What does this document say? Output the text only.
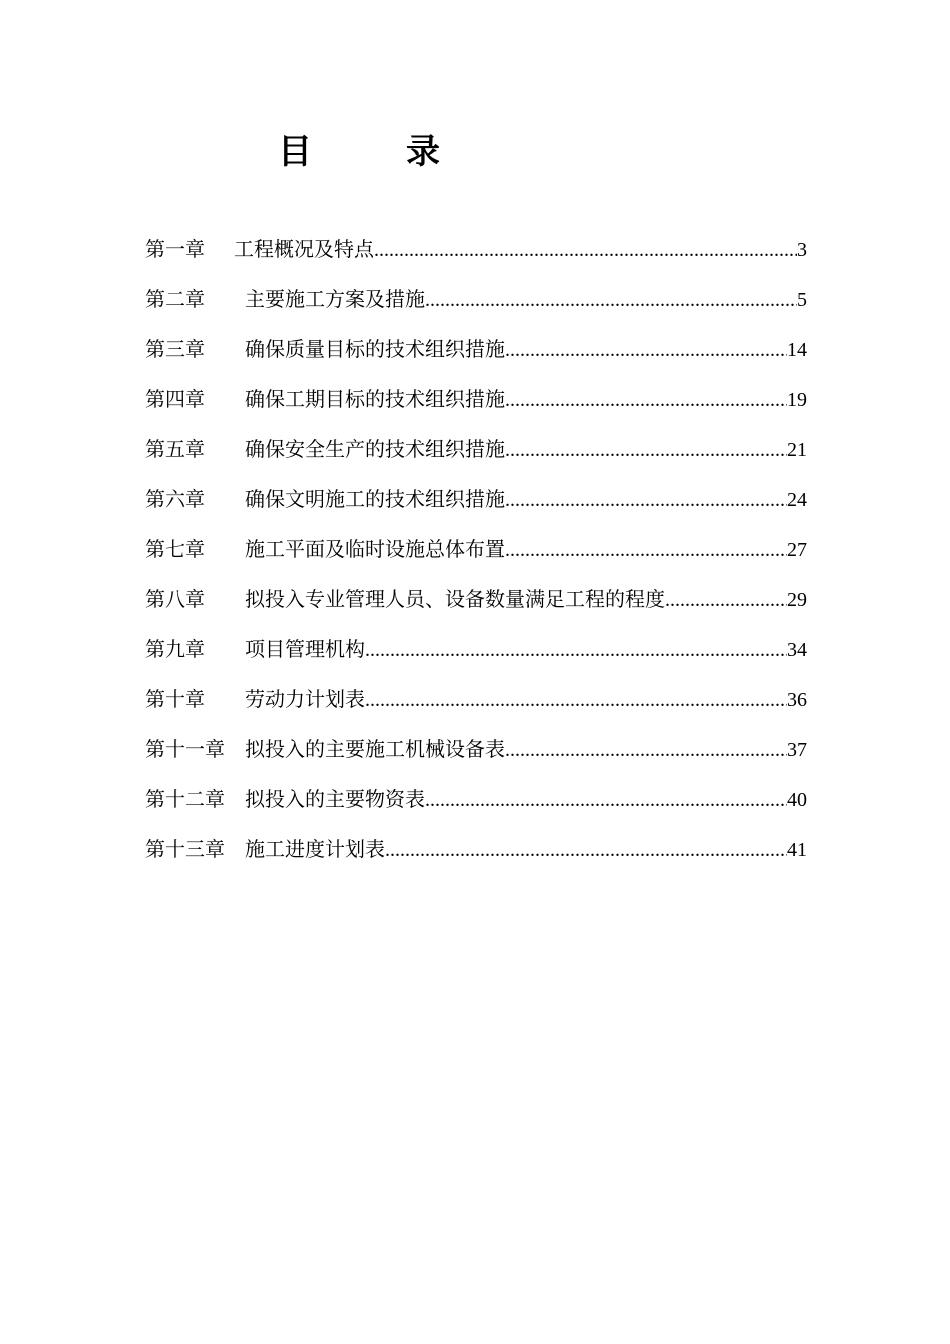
目　录
第一章	工程概况及特点 .....	3
第二章	主要施工方案及措施 .....	5
第三章	确保质量目标的技术组织措施 .....	14
第四章	确保工期目标的技术组织措施 .....	19
第五章	确保安全生产的技术组织措施 .....	21
第六章	确保文明施工的技术组织措施 .....	24
第七章	施工平面及临时设施总体布置 .....	27
第八章	拟投入专业管理人员、设备数量满足工程的程度 .....	29
第九章	项目管理机构 .....	34
第十章	劳动力计划表 .....	36
第十一章	拟投入的主要施工机械设备表 .....	37
第十二章	拟投入的主要物资表 .....	40
第十三章	施工进度计划表 .....	41
